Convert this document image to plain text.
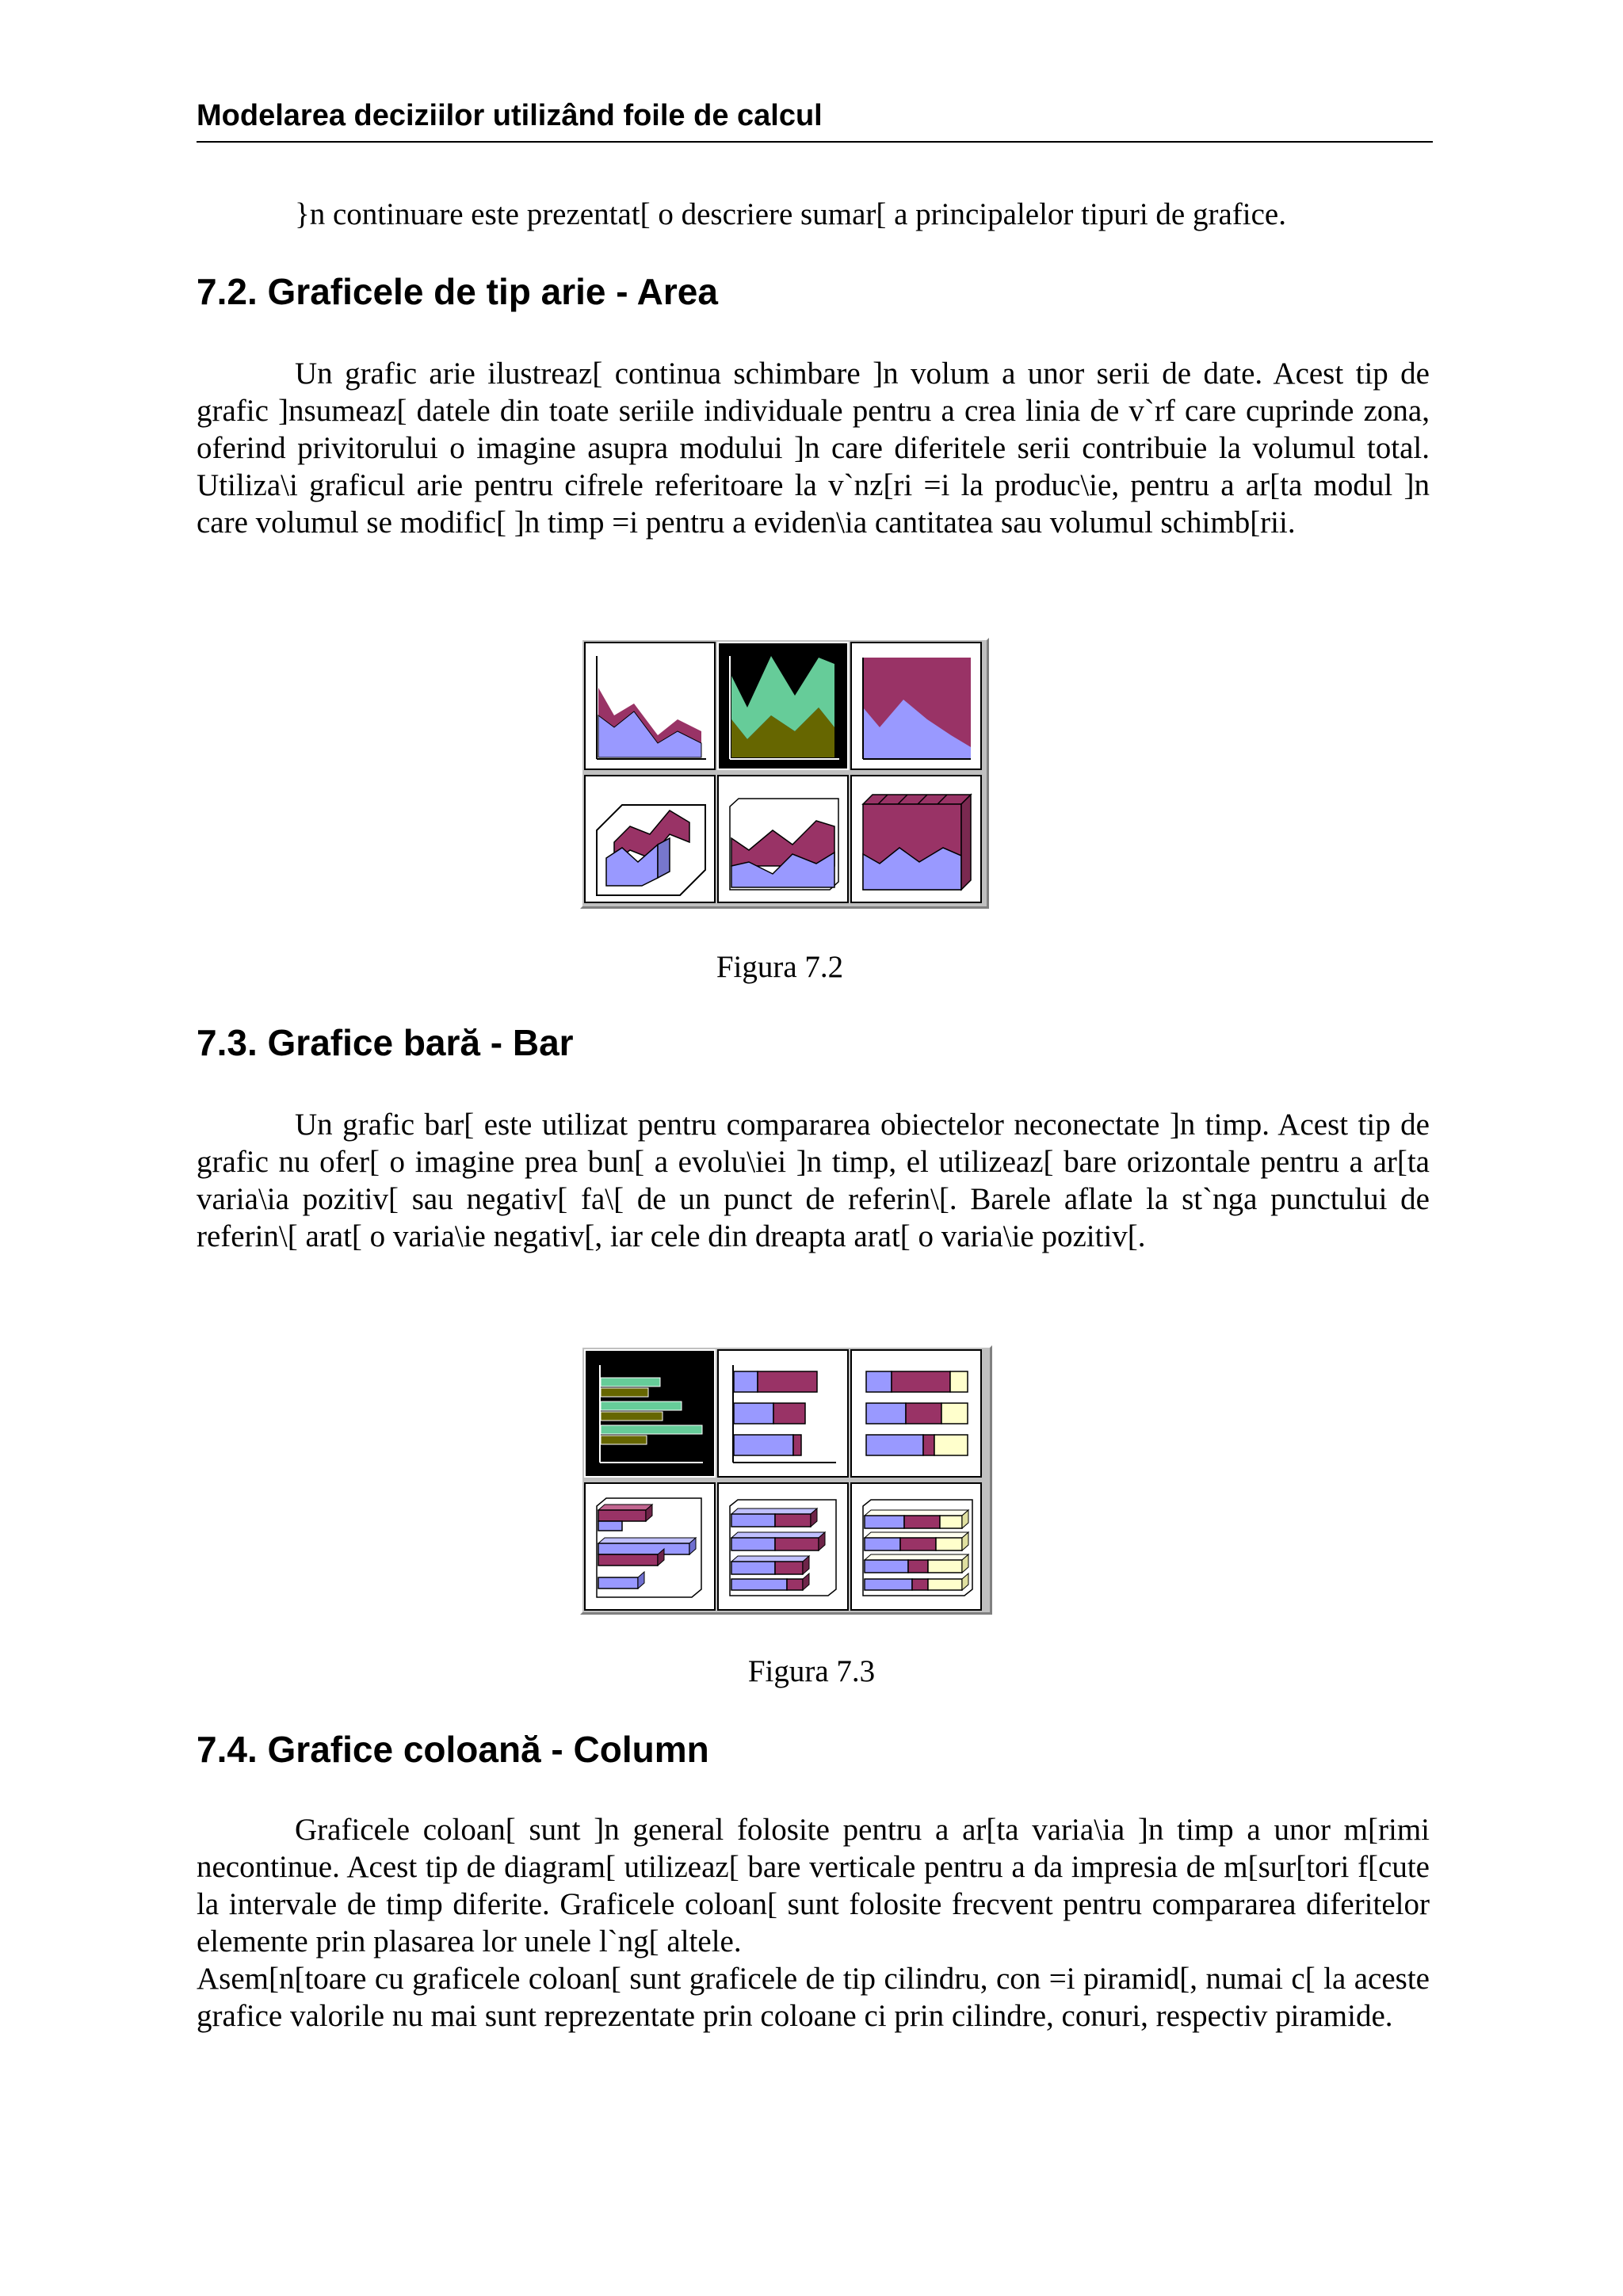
Modelarea deciziilor utilizând foile de calcul

}n continuare este prezentat[ o descriere sumar[ a principalelor tipuri de grafice.

7.2. Graficele de tip arie - Area

Un grafic arie ilustreaz[ continua schimbare ]n volum a unor serii de date. Acest tip de grafic ]nsumeaz[ datele din toate seriile individuale pentru a crea linia de v`rf care cuprinde zona, oferind privitorului o imagine asupra modului ]n care diferitele serii contribuie la volumul total. Utiliza\i graficul arie pentru cifrele referitoare la v`nz[ri =i la produc\ie, pentru a ar[ta modul ]n care volumul se modific[ ]n timp =i pentru a eviden\ia cantitatea sau volumul schimb[rii.

Figura 7.2
7.3. Grafice bară - Bar

Un grafic bar[ este utilizat pentru compararea obiectelor neconectate ]n timp. Acest tip de grafic nu ofer[ o imagine prea bun[ a evolu\iei ]n timp, el utilizeaz[ bare orizontale pentru a ar[ta varia\ia pozitiv[ sau negativ[ fa\[ de un punct de referin\[. Barele aflate la st`nga punctului de referin\[ arat[ o varia\ie negativ[, iar cele din dreapta arat[ o varia\ie pozitiv[.

Figura 7.3
7.4. Grafice coloană - Column

Graficele coloan[ sunt ]n general folosite pentru a ar[ta varia\ia ]n timp a unor m[rimi necontinue. Acest tip de diagram[ utilizeaz[ bare verticale pentru a da impresia de m[sur[tori f[cute la intervale de timp diferite. Graficele coloan[ sunt folosite frecvent pentru compararea diferitelor elemente prin plasarea lor unele l`ng[ altele.

Asem[n[toare cu graficele coloan[ sunt graficele de tip cilindru, con =i piramid[, numai c[ la aceste grafice valorile nu mai sunt reprezentate prin coloane ci prin cilindre, conuri, respectiv piramide.
